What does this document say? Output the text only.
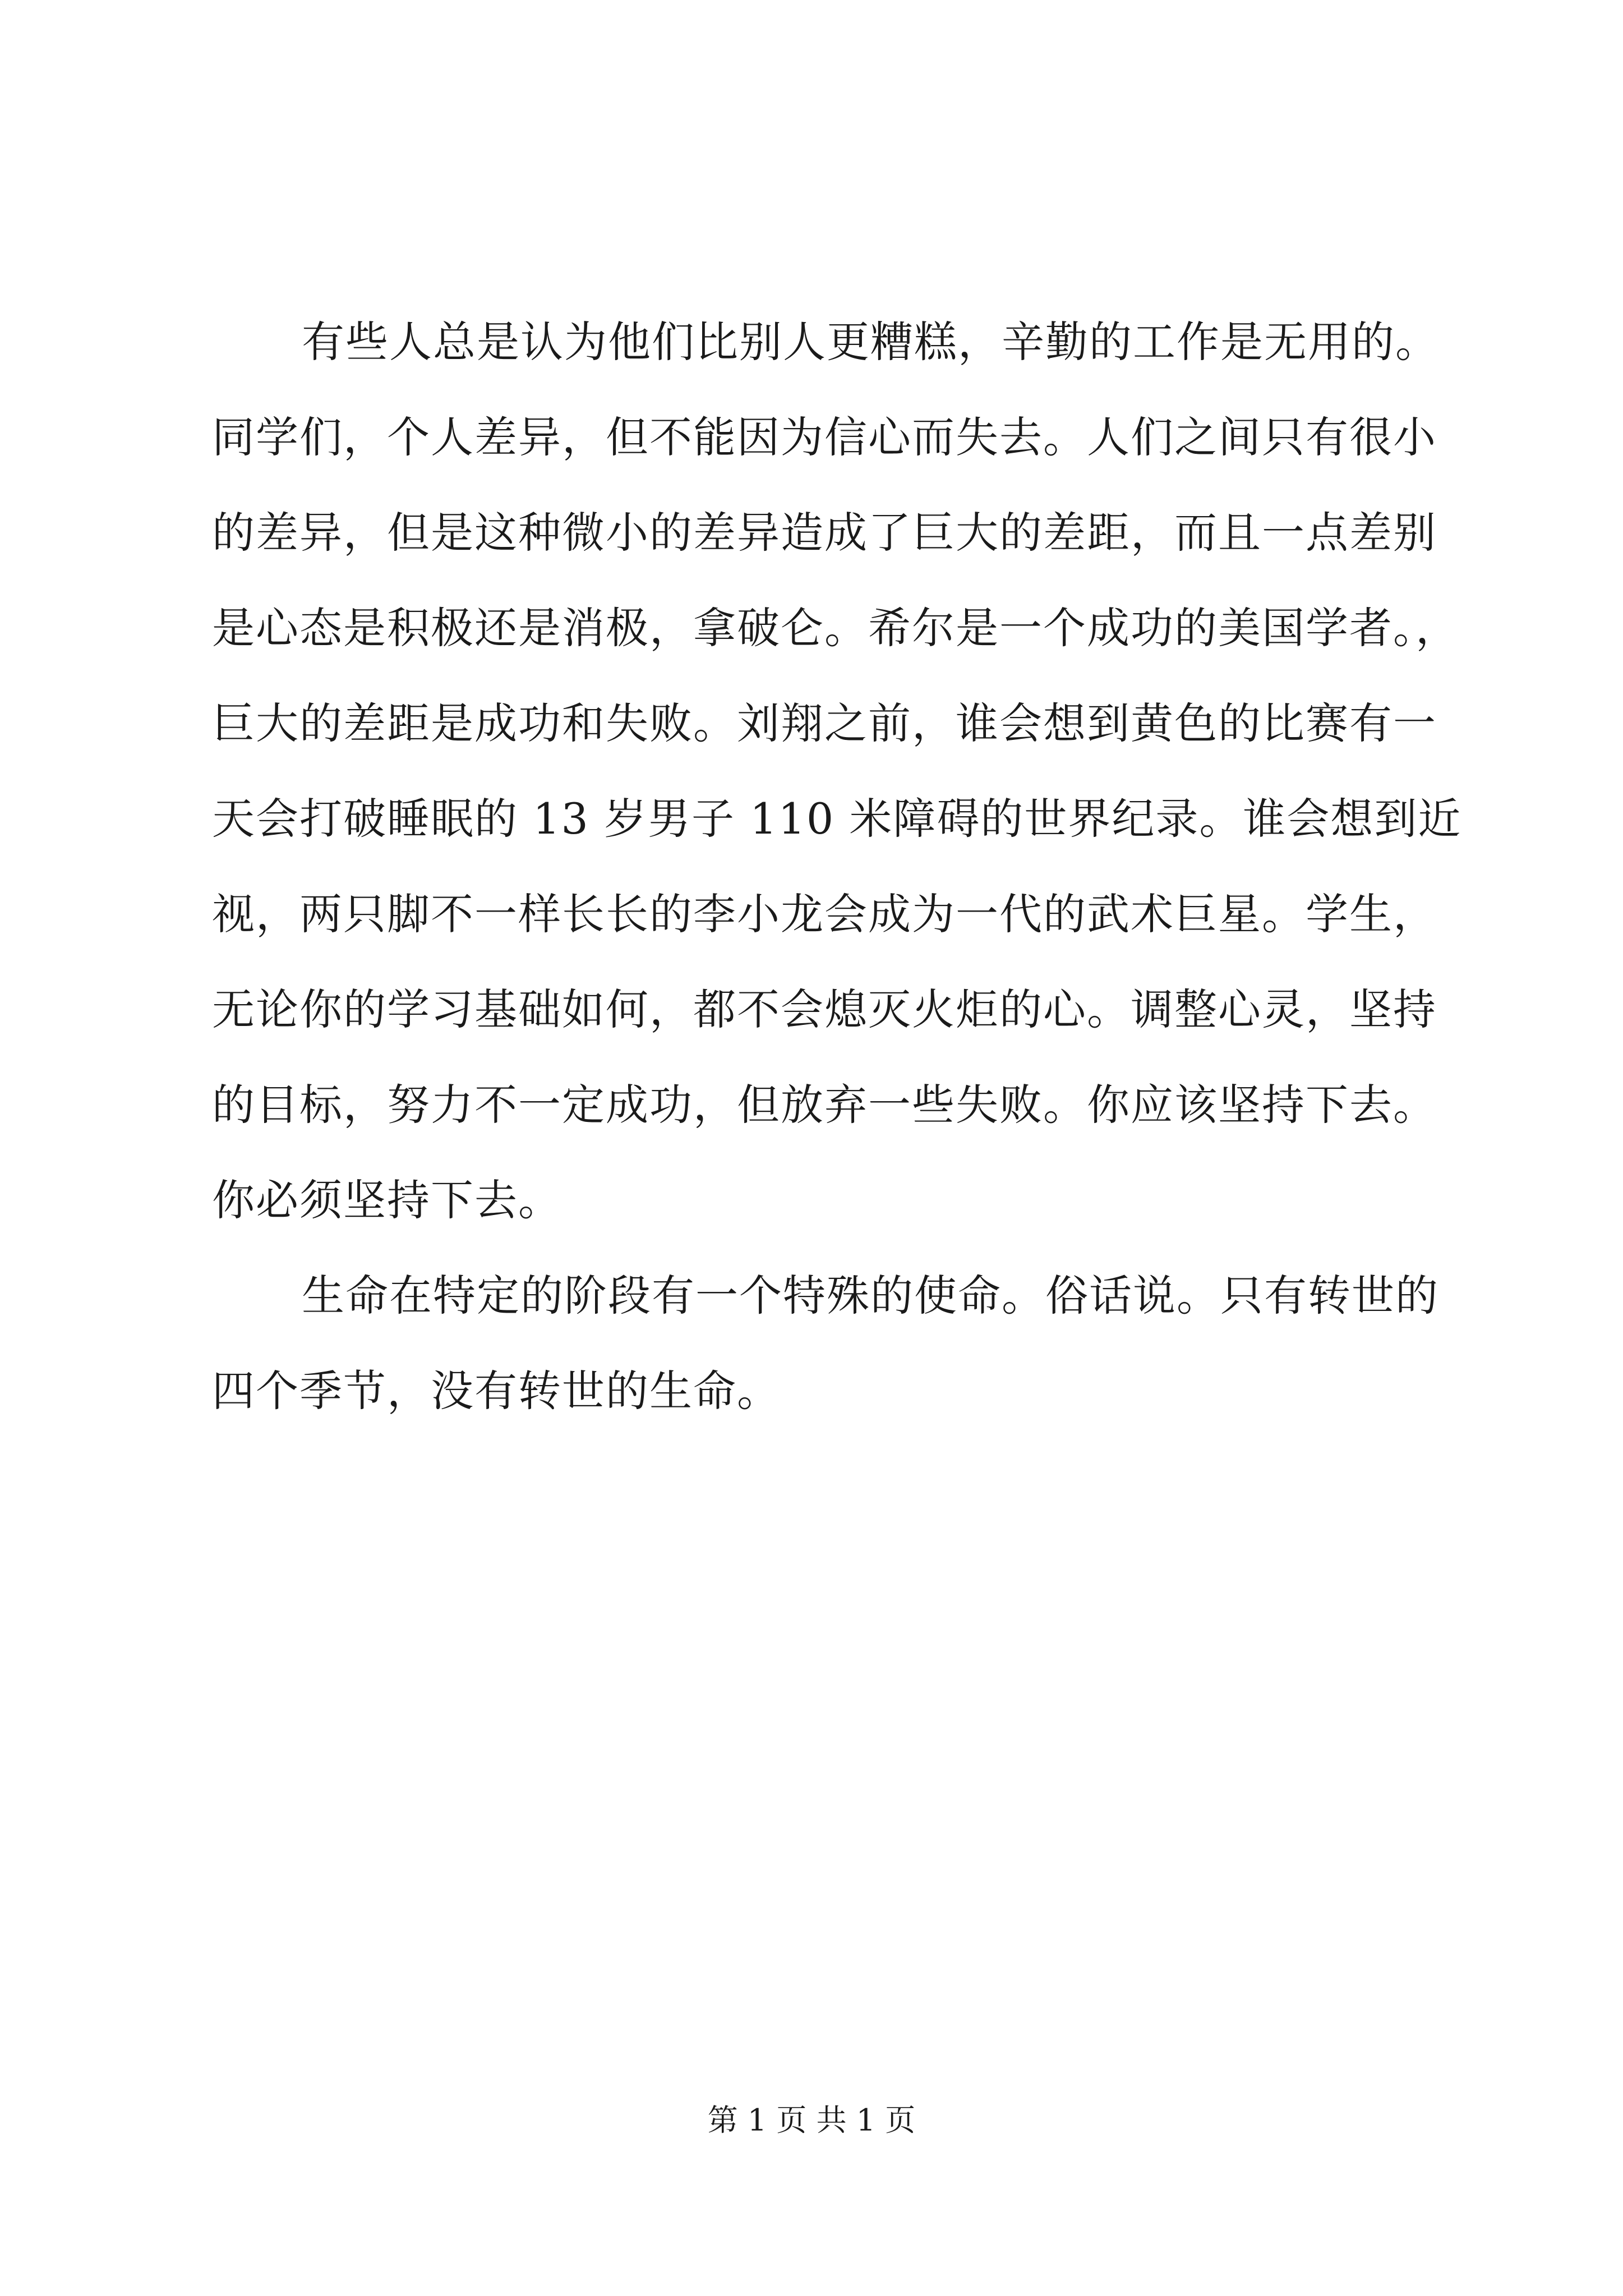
有些人总是认为他们比别人更糟糕，辛勤的工作是无用的。
同学们，个人差异，但不能因为信心而失去。人们之间只有很小
的差异，但是这种微小的差异造成了巨大的差距，而且一点差别
是心态是积极还是消极，拿破仑。希尔是一个成功的美国学者。，
巨大的差距是成功和失败。刘翔之前，谁会想到黄色的比赛有一
天会打破睡眠的 13 岁男子 110 米障碍的世界纪录。谁会想到近
视，两只脚不一样长长的李小龙会成为一代的武术巨星。学生，
无论你的学习基础如何，都不会熄灭火炬的心。调整心灵，坚持
的目标，努力不一定成功，但放弃一些失败。你应该坚持下去。
你必须坚持下去。
生命在特定的阶段有一个特殊的使命。俗话说。只有转世的
四个季节，没有转世的生命。
第 1 页 共 1 页
